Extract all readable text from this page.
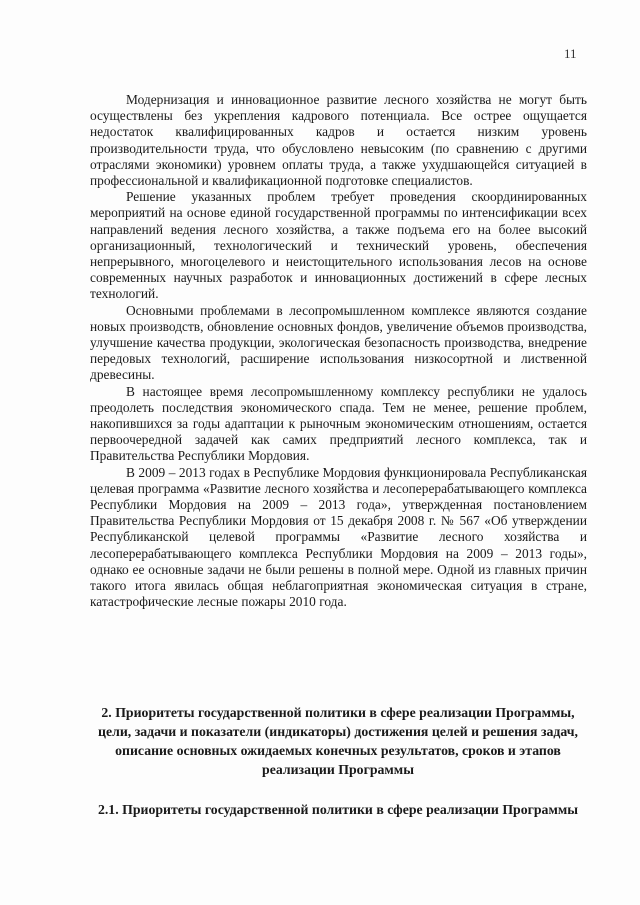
11

Модернизация и инновационное развитие лесного хозяйства не могут быть осуществлены без укрепления кадрового потенциала. Все острее ощущается недостаток квалифицированных кадров и остается низким уровень производительности труда, что обусловлено невысоким (по сравнению с другими отраслями экономики) уровнем оплаты труда, а также ухудшающейся ситуацией в профессиональной и квалификационной подготовке специалистов.

Решение указанных проблем требует проведения скоординированных мероприятий на основе единой государственной программы по интенсификации всех направлений ведения лесного хозяйства, а также подъема его на более высокий организационный, технологический и технический уровень, обеспечения непрерывного, многоцелевого и неистощительного использования лесов на основе современных научных разработок и инновационных достижений в сфере лесных технологий.

Основными проблемами в лесопромышленном комплексе являются создание новых производств, обновление основных фондов, увеличение объемов производства, улучшение качества продукции, экологическая безопасность производства, внедрение передовых технологий, расширение использования низкосортной и лиственной древесины.

В настоящее время лесопромышленному комплексу республики не удалось преодолеть последствия экономического спада. Тем не менее, решение проблем, накопившихся за годы адаптации к рыночным экономическим отношениям, остается первоочередной задачей как самих предприятий лесного комплекса, так и Правительства Республики Мордовия.

В 2009 – 2013 годах в Республике Мордовия функционировала Республиканская целевая программа «Развитие лесного хозяйства и лесоперерабатывающего комплекса Республики Мордовия на 2009 – 2013 года», утвержденная постановлением Правительства Республики Мордовия от 15 декабря 2008 г. № 567 «Об утверждении Республиканской целевой программы «Развитие лесного хозяйства и лесоперерабатывающего комплекса Республики Мордовия на 2009 – 2013 годы», однако ее основные задачи не были решены в полной мере. Одной из главных причин такого итога явилась общая неблагоприятная экономическая ситуация в стране, катастрофические лесные пожары 2010 года.

2. Приоритеты государственной политики в сфере реализации Программы, цели, задачи и показатели (индикаторы) достижения целей и решения задач, описание основных ожидаемых конечных результатов, сроков и этапов реализации Программы
2.1. Приоритеты государственной политики в сфере реализации Программы
